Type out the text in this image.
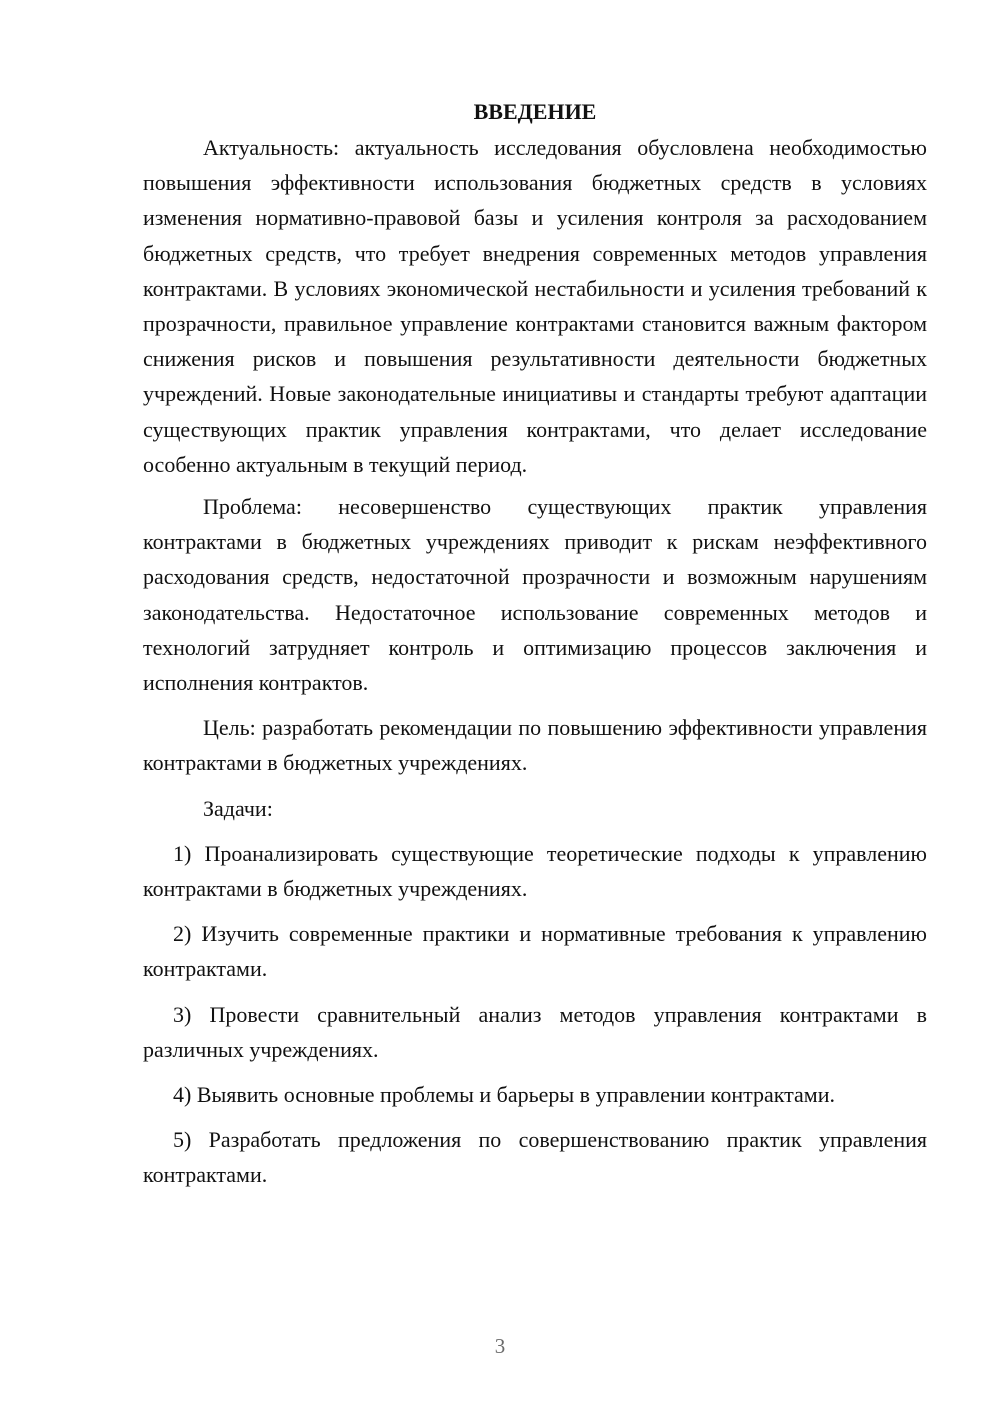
ВВЕДЕНИЕ

Актуальность: актуальность исследования обусловлена необходимостью повышения эффективности использования бюджетных средств в условиях изменения нормативно-правовой базы и усиления контроля за расходованием бюджетных средств, что требует внедрения современных методов управления контрактами. В условиях экономической нестабильности и усиления требований к прозрачности, правильное управление контрактами становится важным фактором снижения рисков и повышения результативности деятельности бюджетных учреждений. Новые законодательные инициативы и стандарты требуют адаптации существующих практик управления контрактами, что делает исследование особенно актуальным в текущий период.

Проблема: несовершенство существующих практик управления контрактами в бюджетных учреждениях приводит к рискам неэффективного расходования средств, недостаточной прозрачности и возможным нарушениям законодательства. Недостаточное использование современных методов и технологий затрудняет контроль и оптимизацию процессов заключения и исполнения контрактов.

Цель: разработать рекомендации по повышению эффективности управления контрактами в бюджетных учреждениях.

Задачи:

1) Проанализировать существующие теоретические подходы к управлению контрактами в бюджетных учреждениях.

2) Изучить современные практики и нормативные требования к управлению контрактами.

3) Провести сравнительный анализ методов управления контрактами в различных учреждениях.

4) Выявить основные проблемы и барьеры в управлении контрактами.

5) Разработать предложения по совершенствованию практик управления контрактами.

3
